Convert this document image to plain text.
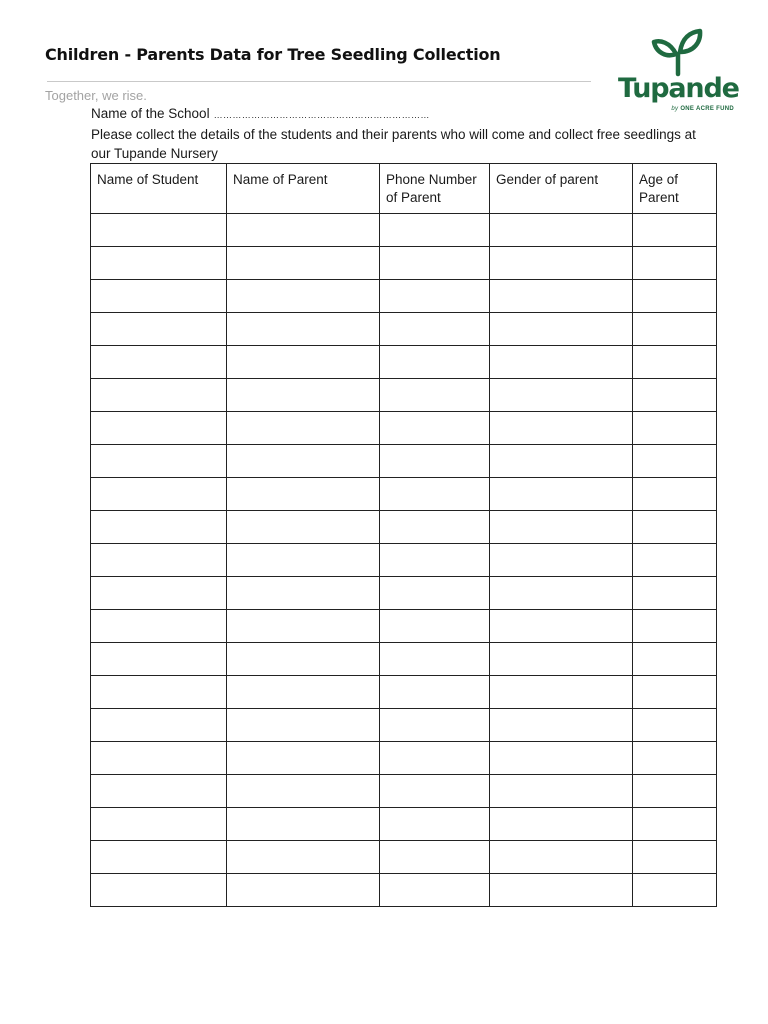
Children - Parents Data for Tree Seedling Collection
Together, we rise.	Tupande
by ONE ACRE FUND
Name of the School ……………………………………………………………
Please collect the details of the students and their parents who will come and collect free seedlings at our Tupande Nursery
Name of Student	Name of Parent	Phone Number of Parent	Gender of parent	Age of Parent
